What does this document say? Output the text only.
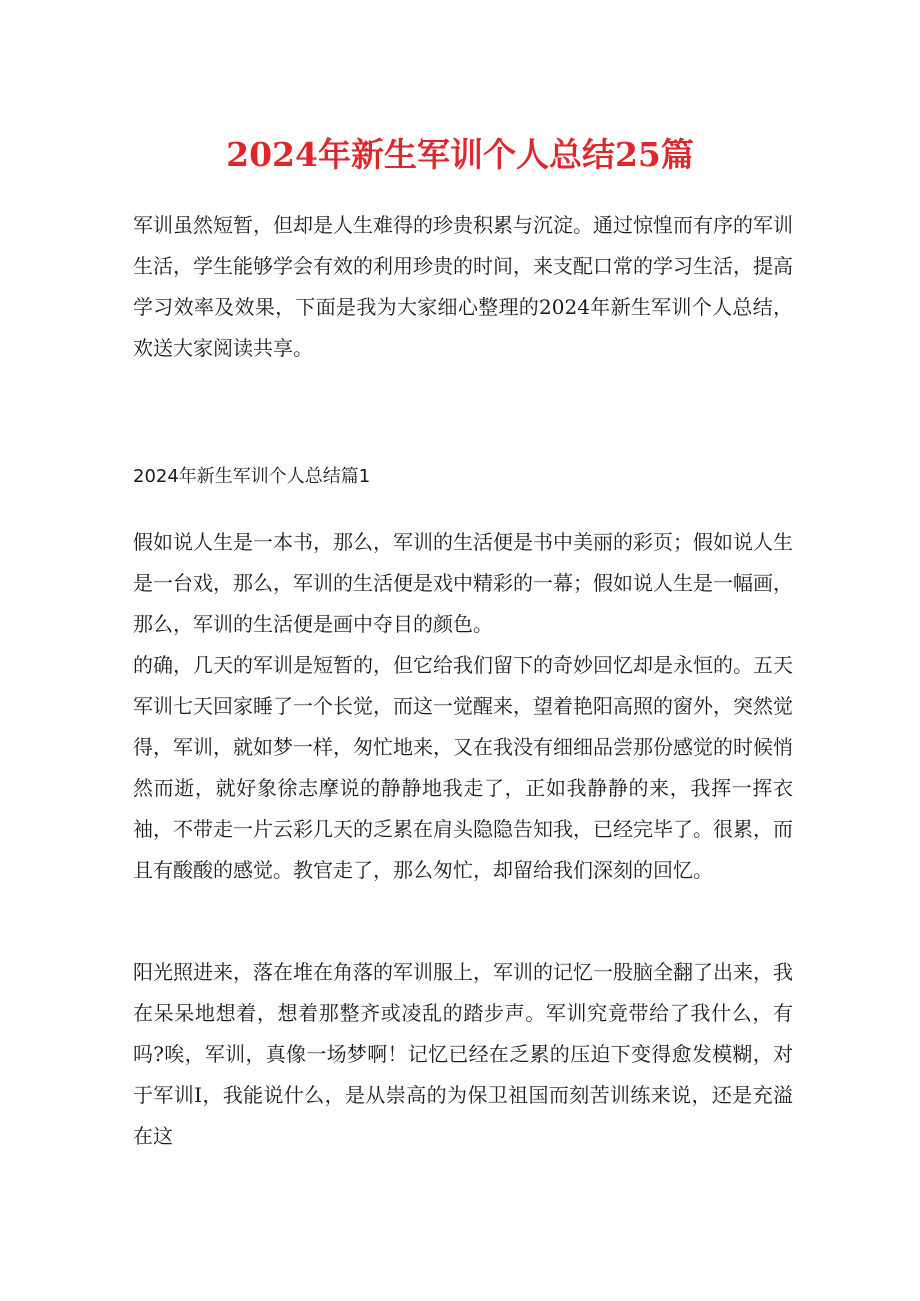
2024年新生军训个人总结25篇

军训虽然短暂，但却是人生难得的珍贵积累与沉淀。通过惊惶而有序的军训生活，学生能够学会有效的利用珍贵的时间，来支配口常的学习生活，提高学习效率及效果，下面是我为大家细心整理的2024年新生军训个人总结，欢送大家阅读共享。

2024年新生军训个人总结篇1

假如说人生是一本书，那么，军训的生活便是书中美丽的彩页；假如说人生是一台戏，那么，军训的生活便是戏中精彩的一幕；假如说人生是一幅画，那么，军训的生活便是画中夺目的颜色。

的确，几天的军训是短暂的，但它给我们留下的奇妙回忆却是永恒的。五天军训七天回家睡了一个长觉，而这一觉醒来，望着艳阳高照的窗外，突然觉得，军训，就如梦一样，匆忙地来，又在我没有细细品尝那份感觉的时候悄然而逝，就好象徐志摩说的静静地我走了，正如我静静的来，我挥一挥衣袖，不带走一片云彩几天的乏累在肩头隐隐告知我，已经完毕了。很累，而且有酸酸的感觉。教官走了，那么匆忙，却留给我们深刻的回忆。

阳光照进来，落在堆在角落的军训服上，军训的记忆一股脑全翻了出来，我在呆呆地想着，想着那整齐或凌乱的踏步声。军训究竟带给了我什么，有吗?唉，军训，真像一场梦啊！记忆已经在乏累的压迫下变得愈发模糊，对于军训I，我能说什么，是从崇高的为保卫祖国而刻苦训练来说，还是充溢在这
